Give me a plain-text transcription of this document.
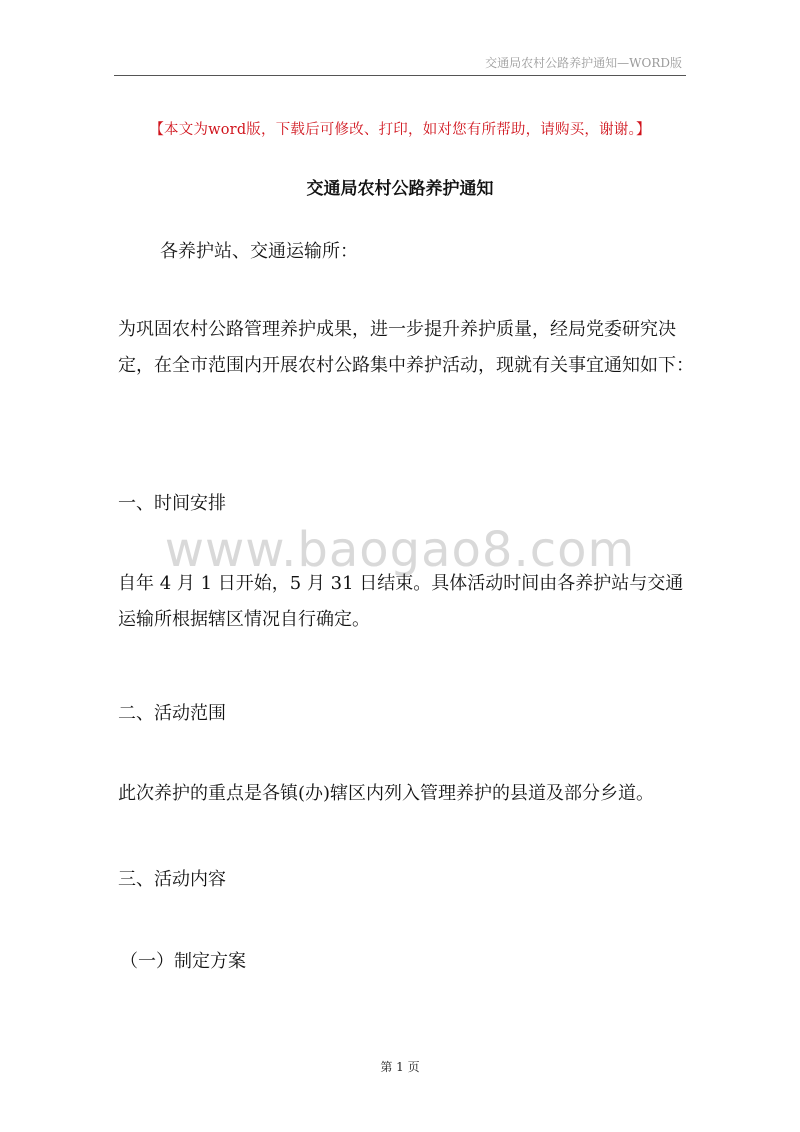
交通局农村公路养护通知—WORD版
【本文为word版，下载后可修改、打印，如对您有所帮助，请购买，谢谢。】
交通局农村公路养护通知
各养护站、交通运输所：
为巩固农村公路管理养护成果，进一步提升养护质量，经局党委研究决定，在全市范围内开展农村公路集中养护活动，现就有关事宜通知如下：
一、时间安排
www.baogao8.com
自年 4 月 1 日开始，5 月 31 日结束。具体活动时间由各养护站与交通运输所根据辖区情况自行确定。
二、活动范围
此次养护的重点是各镇(办)辖区内列入管理养护的县道及部分乡道。
三、活动内容
（一）制定方案
第 1 页
